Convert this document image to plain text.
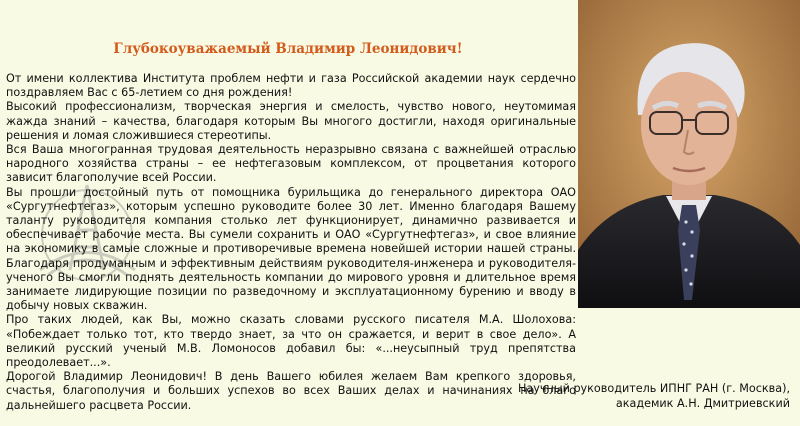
Глубокоуважаемый Владимир Леонидович!

От имени коллектива Института проблем нефти и газа Российской академии наук сердечно поздравляем Вас с 65-летием со дня рождения!

Высокий профессионализм, творческая энергия и смелость, чувство нового, неутомимая жажда знаний – качества, благодаря которым Вы многого достигли, находя оригинальные решения и ломая сложившиеся стереотипы.

Вся Ваша многогранная трудовая деятельность неразрывно связана с важнейшей отраслью народного хозяйства страны – ее нефтегазовым комплексом, от процветания которого зависит благополучие всей России.

Вы прошли достойный путь от помощника бурильщика до генерального директора ОАО «Сургутнефтегаз», которым успешно руководите более 30 лет. Именно благодаря Вашему таланту руководителя компания столько лет функционирует, динамично развивается и обеспечивает рабочие места. Вы сумели сохранить и ОАО «Сургутнефтегаз», и свое влияние на экономику в самые сложные и противоречивые времена новейшей истории нашей страны. Благодаря продуманным и эффективным действиям руководителя-инженера и руководителя-ученого Вы смогли поднять деятельность компании до мирового уровня и длительное время занимаете лидирующие позиции по разведочному и эксплуатационному бурению и вводу в добычу новых скважин.

Про таких людей, как Вы, можно сказать словами русского писателя М.А. Шолохова: «Побеждает только тот, кто твердо знает, за что он сражается, и верит в свое дело». А великий русский ученый М.В. Ломоносов добавил бы: «...неусыпный труд препятства преодолевает...».

Дорогой Владимир Леонидович! В день Вашего юбилея желаем Вам крепкого здоровья, счастья, благополучия и больших успехов во всех Ваших делах и начинаниях на благо дальнейшего расцвета России.

Научный руководитель ИПНГ РАН (г. Москва),

академик А.Н. Дмитриевский
